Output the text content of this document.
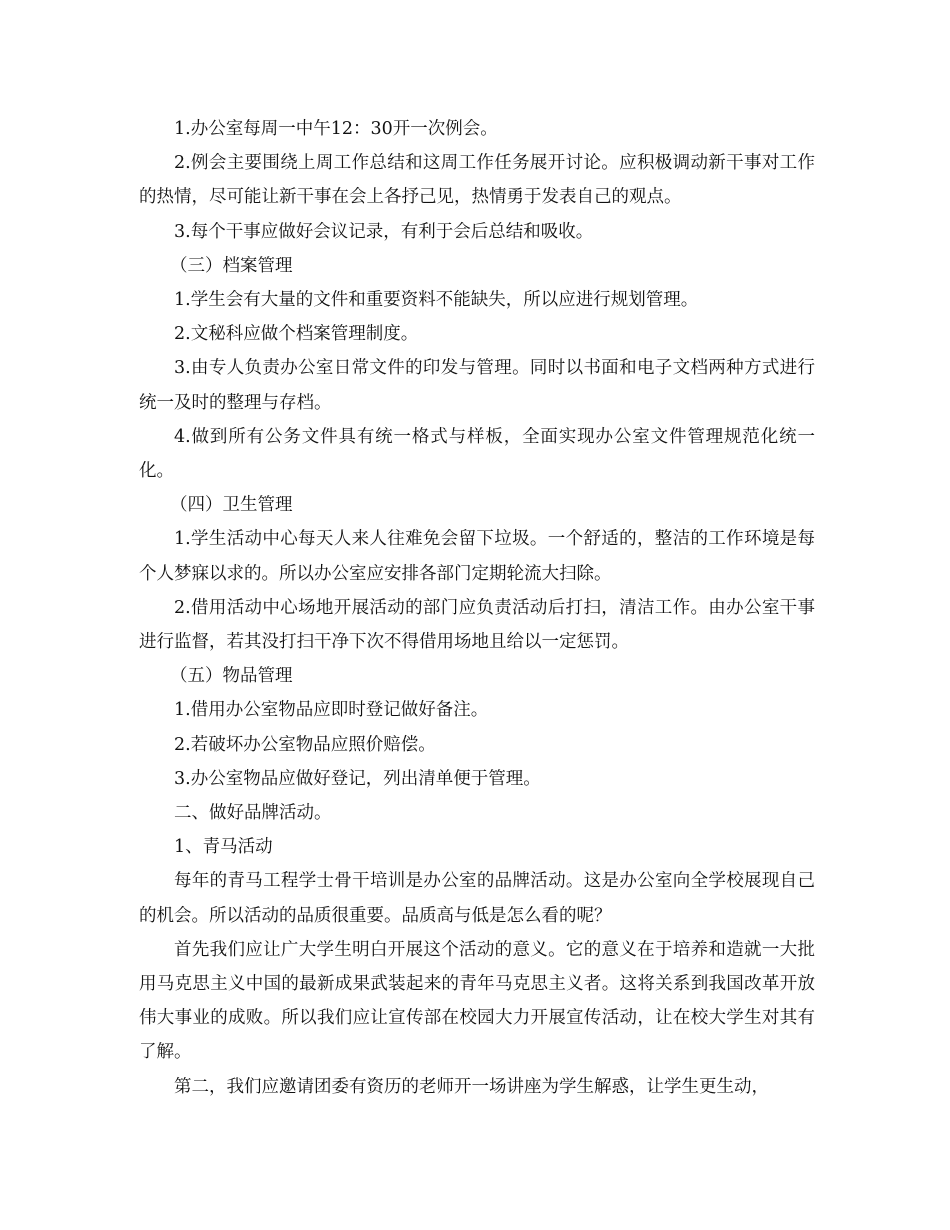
1.办公室每周一中午12：30开一次例会。

2.例会主要围绕上周工作总结和这周工作任务展开讨论。应积极调动新干事对工作的热情，尽可能让新干事在会上各抒己见，热情勇于发表自己的观点。

3.每个干事应做好会议记录，有利于会后总结和吸收。

（三）档案管理

1.学生会有大量的文件和重要资料不能缺失，所以应进行规划管理。

2.文秘科应做个档案管理制度。

3.由专人负责办公室日常文件的印发与管理。同时以书面和电子文档两种方式进行统一及时的整理与存档。

4.做到所有公务文件具有统一格式与样板，全面实现办公室文件管理规范化统一化。

（四）卫生管理

1.学生活动中心每天人来人往难免会留下垃圾。一个舒适的，整洁的工作环境是每个人梦寐以求的。所以办公室应安排各部门定期轮流大扫除。

2.借用活动中心场地开展活动的部门应负责活动后打扫，清洁工作。由办公室干事进行监督，若其没打扫干净下次不得借用场地且给以一定惩罚。

（五）物品管理

1.借用办公室物品应即时登记做好备注。

2.若破坏办公室物品应照价赔偿。

3.办公室物品应做好登记，列出清单便于管理。

二、做好品牌活动。

1、青马活动

每年的青马工程学士骨干培训是办公室的品牌活动。这是办公室向全学校展现自己的机会。所以活动的品质很重要。品质高与低是怎么看的呢？

首先我们应让广大学生明白开展这个活动的意义。它的意义在于培养和造就一大批用马克思主义中国的最新成果武装起来的青年马克思主义者。这将关系到我国改革开放伟大事业的成败。所以我们应让宣传部在校园大力开展宣传活动，让在校大学生对其有了解。

第二，我们应邀请团委有资历的老师开一场讲座为学生解惑，让学生更生动，
